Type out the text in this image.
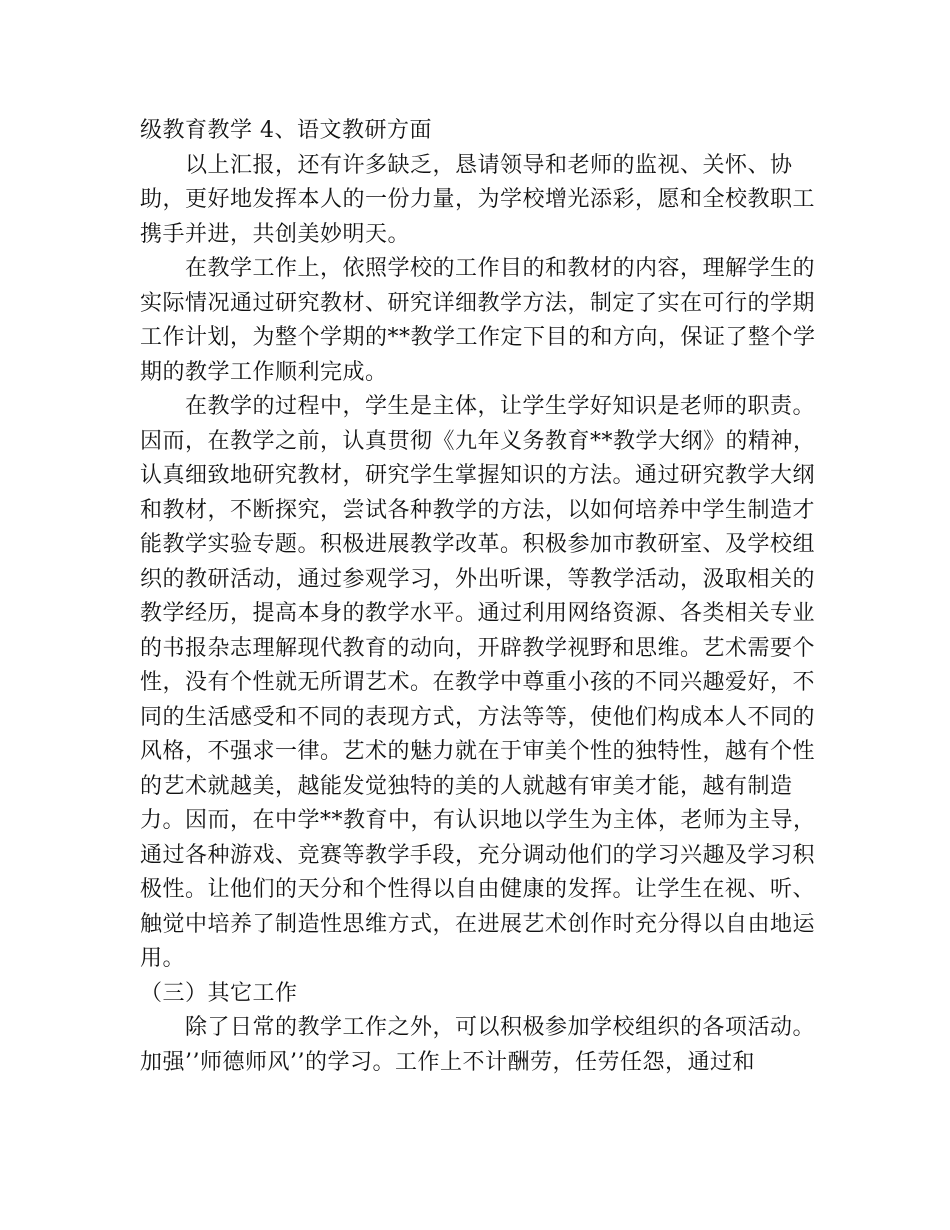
级教育教学 4、语文教研方面

以上汇报，还有许多缺乏，恳请领导和老师的监视、关怀、协助，更好地发挥本人的一份力量，为学校增光添彩，愿和全校教职工携手并进，共创美妙明天。

在教学工作上，依照学校的工作目的和教材的内容，理解学生的实际情况通过研究教材、研究详细教学方法，制定了实在可行的学期工作计划，为整个学期的**教学工作定下目的和方向，保证了整个学期的教学工作顺利完成。

在教学的过程中，学生是主体，让学生学好知识是老师的职责。因而，在教学之前，认真贯彻《九年义务教育**教学大纲》的精神，认真细致地研究教材，研究学生掌握知识的方法。通过研究教学大纲和教材，不断探究，尝试各种教学的方法，以如何培养中学生制造才能教学实验专题。积极进展教学改革。积极参加市教研室、及学校组织的教研活动，通过参观学习，外出听课，等教学活动，汲取相关的教学经历，提高本身的教学水平。通过利用网络资源、各类相关专业的书报杂志理解现代教育的动向，开辟教学视野和思维。艺术需要个性，没有个性就无所谓艺术。在教学中尊重小孩的不同兴趣爱好，不同的生活感受和不同的表现方式，方法等等，使他们构成本人不同的风格，不强求一律。艺术的魅力就在于审美个性的独特性，越有个性的艺术就越美，越能发觉独特的美的人就越有审美才能，越有制造力。因而，在中学**教育中，有认识地以学生为主体，老师为主导，通过各种游戏、竞赛等教学手段，充分调动他们的学习兴趣及学习积极性。让他们的天分和个性得以自由健康的发挥。让学生在视、听、触觉中培养了制造性思维方式，在进展艺术创作时充分得以自由地运用。

（三）其它工作

除了日常的教学工作之外，可以积极参加学校组织的各项活动。加强’’师德师风’’的学习。工作上不计酬劳，任劳任怨，通过和
